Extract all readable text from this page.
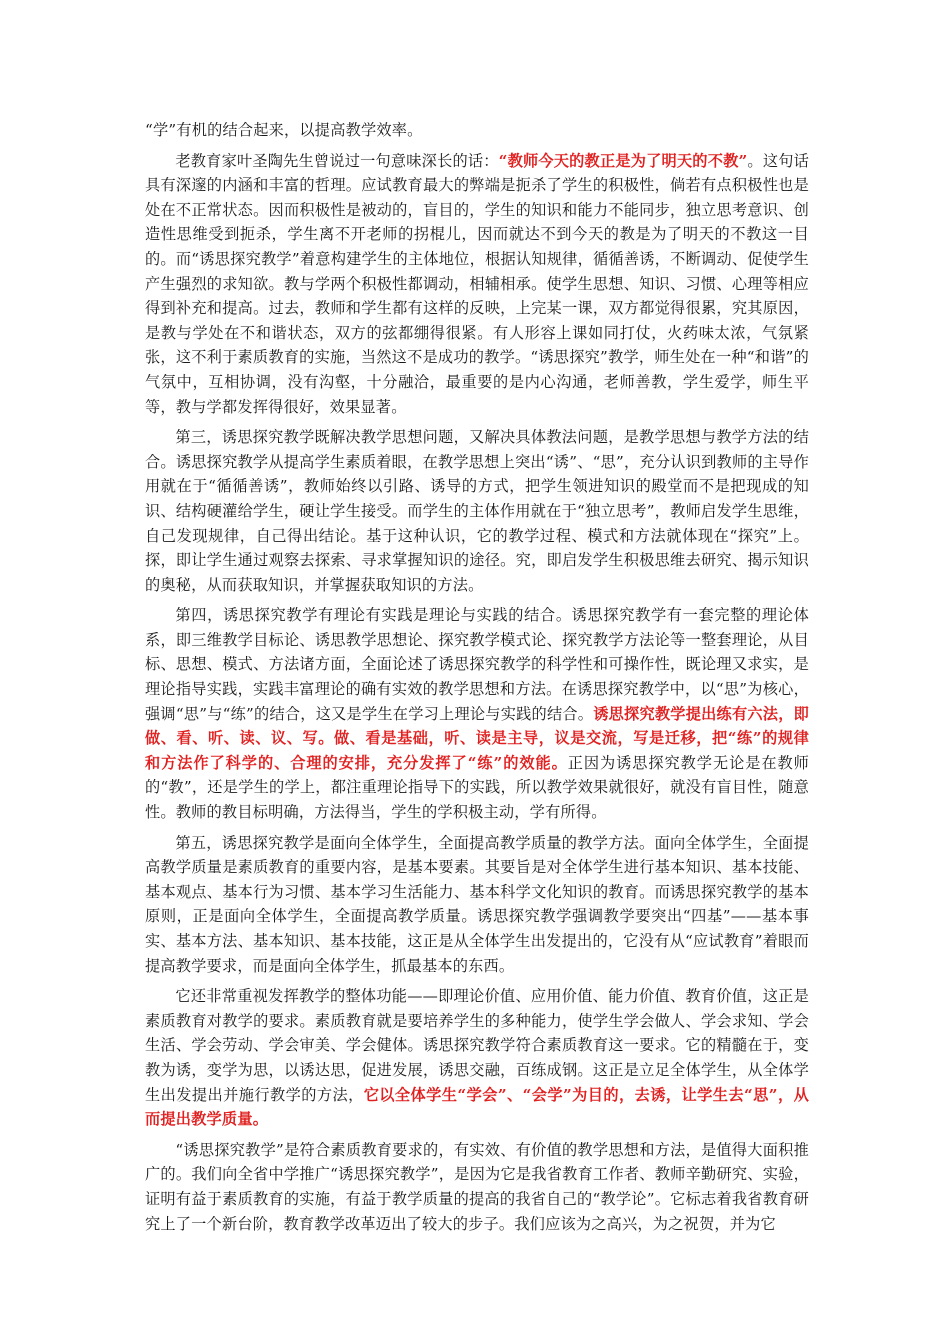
“学”有机的结合起来，以提高教学效率。

老教育家叶圣陶先生曾说过一句意味深长的话：“教师今天的教正是为了明天的不教”。这句话具有深邃的内涵和丰富的哲理。应试教育最大的弊端是扼杀了学生的积极性，倘若有点积极性也是处在不正常状态。因而积极性是被动的，盲目的，学生的知识和能力不能同步，独立思考意识、创造性思维受到扼杀，学生离不开老师的拐棍儿，因而就达不到今天的教是为了明天的不教这一目的。而“诱思探究教学”着意构建学生的主体地位，根据认知规律，循循善诱，不断调动、促使学生产生强烈的求知欲。教与学两个积极性都调动，相辅相承。使学生思想、知识、习惯、心理等相应得到补充和提高。过去，教师和学生都有这样的反映，上完某一课，双方都觉得很累，究其原因，是教与学处在不和谐状态，双方的弦都绷得很紧。有人形容上课如同打仗，火药味太浓，气氛紧张，这不利于素质教育的实施，当然这不是成功的教学。“诱思探究”教学，师生处在一种“和谐”的气氛中，互相协调，没有沟壑，十分融洽，最重要的是内心沟通，老师善教，学生爱学，师生平等，教与学都发挥得很好，效果显著。

第三，诱思探究教学既解决教学思想问题，又解决具体教法问题，是教学思想与教学方法的结合。诱思探究教学从提高学生素质着眼，在教学思想上突出“诱”、“思”，充分认识到教师的主导作用就在于“循循善诱”，教师始终以引路、诱导的方式，把学生领进知识的殿堂而不是把现成的知识、结构硬灌给学生，硬让学生接受。而学生的主体作用就在于“独立思考”，教师启发学生思维，自己发现规律，自己得出结论。基于这种认识，它的教学过程、模式和方法就体现在“探究”上。探，即让学生通过观察去探索、寻求掌握知识的途径。究，即启发学生积极思维去研究、揭示知识的奥秘，从而获取知识，并掌握获取知识的方法。

第四，诱思探究教学有理论有实践是理论与实践的结合。诱思探究教学有一套完整的理论体系，即三维教学目标论、诱思教学思想论、探究教学模式论、探究教学方法论等一整套理论，从目标、思想、模式、方法诸方面，全面论述了诱思探究教学的科学性和可操作性，既论理又求实，是理论指导实践，实践丰富理论的确有实效的教学思想和方法。在诱思探究教学中，以“思”为核心，强调“思”与“练”的结合，这又是学生在学习上理论与实践的结合。诱思探究教学提出练有六法，即做、看、听、读、议、写。做、看是基础，听、读是主导，议是交流，写是迁移，把“练”的规律和方法作了科学的、合理的安排，充分发挥了“练”的效能。正因为诱思探究教学无论是在教师的“教”，还是学生的学上，都注重理论指导下的实践，所以教学效果就很好，就没有盲目性，随意性。教师的教目标明确，方法得当，学生的学积极主动，学有所得。

第五，诱思探究教学是面向全体学生，全面提高教学质量的教学方法。面向全体学生，全面提高教学质量是素质教育的重要内容，是基本要素。其要旨是对全体学生进行基本知识、基本技能、基本观点、基本行为习惯、基本学习生活能力、基本科学文化知识的教育。而诱思探究教学的基本原则，正是面向全体学生，全面提高教学质量。诱思探究教学强调教学要突出“四基”——基本事实、基本方法、基本知识、基本技能，这正是从全体学生出发提出的，它没有从“应试教育”着眼而提高教学要求，而是面向全体学生，抓最基本的东西。

它还非常重视发挥教学的整体功能——即理论价值、应用价值、能力价值、教育价值，这正是素质教育对教学的要求。素质教育就是要培养学生的多种能力，使学生学会做人、学会求知、学会生活、学会劳动、学会审美、学会健体。诱思探究教学符合素质教育这一要求。它的精髓在于，变教为诱，变学为思，以诱达思，促进发展，诱思交融，百练成钢。这正是立足全体学生，从全体学生出发提出并施行教学的方法，它以全体学生“学会”、“会学”为目的，去诱，让学生去“思”，从而提出教学质量。

“诱思探究教学”是符合素质教育要求的，有实效、有价值的教学思想和方法，是值得大面积推广的。我们向全省中学推广“诱思探究教学”，是因为它是我省教育工作者、教师辛勤研究、实验，证明有益于素质教育的实施，有益于教学质量的提高的我省自己的“教学论”。它标志着我省教育研究上了一个新台阶，教育教学改革迈出了较大的步子。我们应该为之高兴，为之祝贺，并为它
